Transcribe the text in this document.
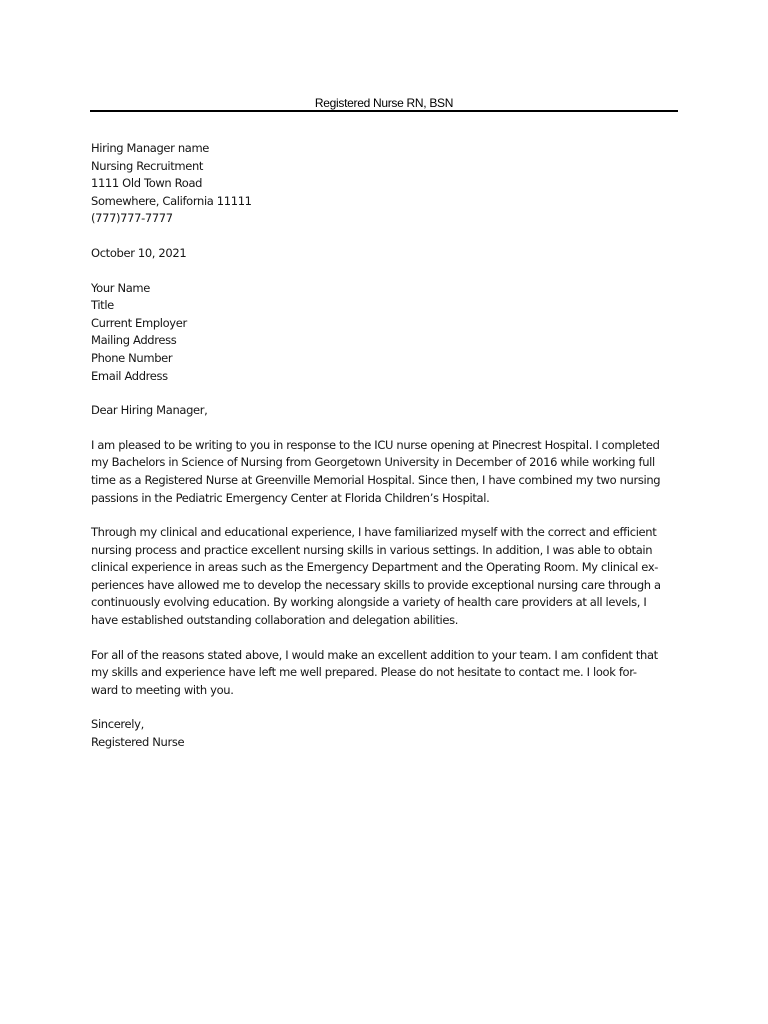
Registered Nurse RN, BSN
Hiring Manager name
Nursing Recruitment
1111 Old Town Road
Somewhere, California 11111
(777)777-7777
October 10, 2021
Your Name
Title
Current Employer
Mailing Address
Phone Number
Email Address
Dear Hiring Manager,
I am pleased to be writing to you in response to the ICU nurse opening at Pinecrest Hospital. I completed
my Bachelors in Science of Nursing from Georgetown University in December of 2016 while working full
time as a Registered Nurse at Greenville Memorial Hospital. Since then, I have combined my two nursing
passions in the Pediatric Emergency Center at Florida Children’s Hospital.
Through my clinical and educational experience, I have familiarized myself with the correct and efficient
nursing process and practice excellent nursing skills in various settings. In addition, I was able to obtain
clinical experience in areas such as the Emergency Department and the Operating Room. My clinical ex-
periences have allowed me to develop the necessary skills to provide exceptional nursing care through a
continuously evolving education. By working alongside a variety of health care providers at all levels, I
have established outstanding collaboration and delegation abilities.
For all of the reasons stated above, I would make an excellent addition to your team. I am confident that
my skills and experience have left me well prepared. Please do not hesitate to contact me. I look for-
ward to meeting with you.
Sincerely,
Registered Nurse
